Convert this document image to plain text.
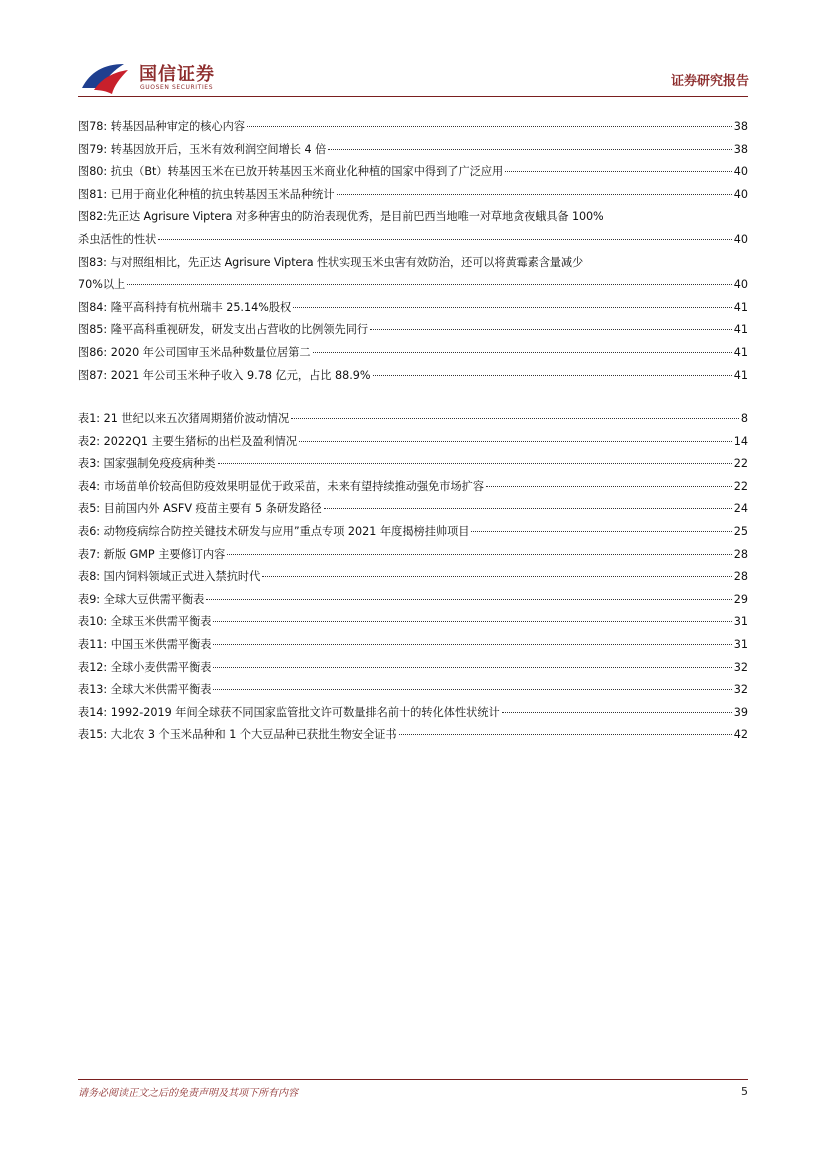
国信证券
GUOSEN SECURITIES	证券研究报告
图78: 转基因品种审定的核心内容	38
图79: 转基因放开后，玉米有效利润空间增长 4 倍	38
图80: 抗虫（Bt）转基因玉米在已放开转基因玉米商业化种植的国家中得到了广泛应用	40
图81: 已用于商业化种植的抗虫转基因玉米品种统计	40
图82:先正达 Agrisure Viptera 对多种害虫的防治表现优秀，是目前巴西当地唯一对草地贪夜蛾具备 100%
杀虫活性的性状	40
图83: 与对照组相比，先正达 Agrisure Viptera 性状实现玉米虫害有效防治，还可以将黄霉素含量减少
70%以上	40
图84: 隆平高科持有杭州瑞丰 25.14%股权	41
图85: 隆平高科重视研发，研发支出占营收的比例领先同行	41
图86: 2020 年公司国审玉米品种数量位居第二	41
图87: 2021 年公司玉米种子收入 9.78 亿元，占比 88.9%	41
表1: 21 世纪以来五次猪周期猪价波动情况	8
表2: 2022Q1 主要生猪标的出栏及盈利情况	14
表3: 国家强制免疫疫病种类	22
表4: 市场苗单价较高但防疫效果明显优于政采苗，未来有望持续推动强免市场扩容	22
表5: 目前国内外 ASFV 疫苗主要有 5 条研发路径	24
表6: 动物疫病综合防控关键技术研发与应用”重点专项 2021 年度揭榜挂帅项目	25
表7: 新版 GMP 主要修订内容	28
表8: 国内饲料领域正式进入禁抗时代	28
表9: 全球大豆供需平衡表	29
表10: 全球玉米供需平衡表	31
表11: 中国玉米供需平衡表	31
表12: 全球小麦供需平衡表	32
表13: 全球大米供需平衡表	32
表14: 1992-2019 年间全球获不同国家监管批文许可数量排名前十的转化体性状统计	39
表15: 大北农 3 个玉米品种和 1 个大豆品种已获批生物安全证书	42
请务必阅读正文之后的免责声明及其项下所有内容	5
